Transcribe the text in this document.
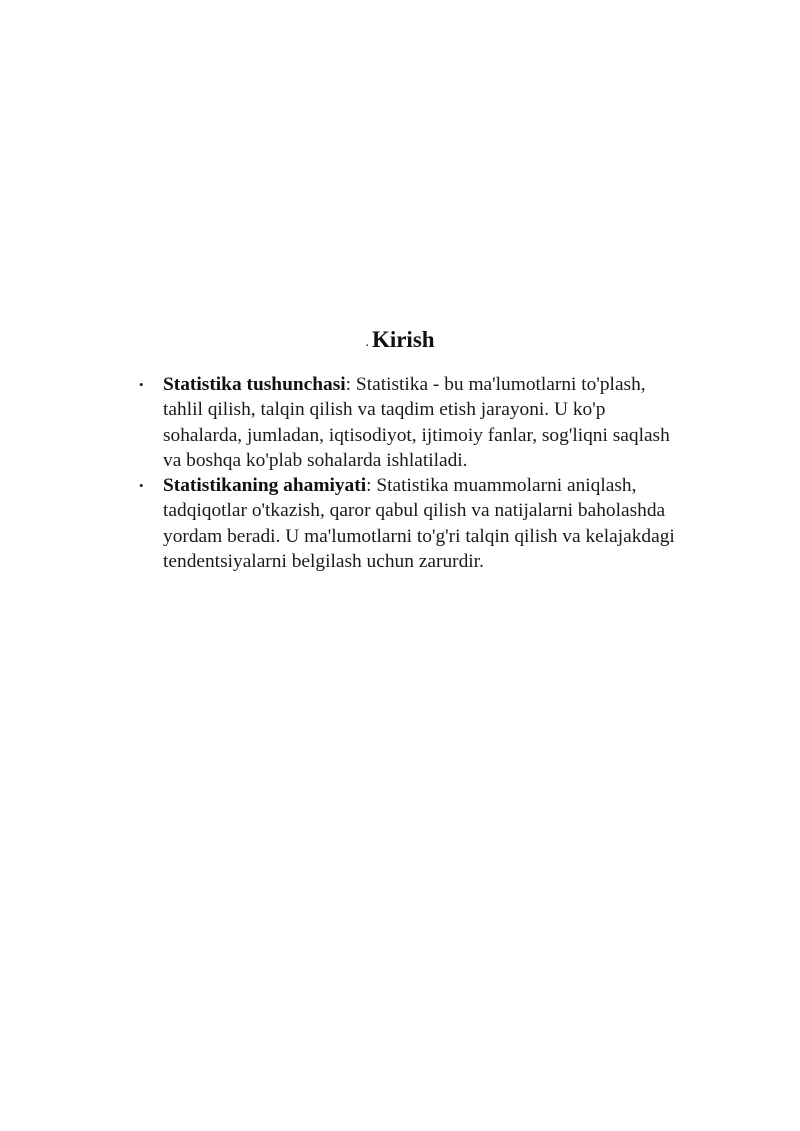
. Kirish
• Statistika tushunchasi: Statistika - bu ma'lumotlarni to'plash,
tahlil qilish, talqin qilish va taqdim etish jarayoni. U ko'p
sohalarda, jumladan, iqtisodiyot, ijtimoiy fanlar, sog'liqni saqlash
va boshqa ko'plab sohalarda ishlatiladi.
• Statistikaning ahamiyati: Statistika muammolarni aniqlash,
tadqiqotlar o'tkazish, qaror qabul qilish va natijalarni baholashda
yordam beradi. U ma'lumotlarni to'g'ri talqin qilish va kelajakdagi
tendentsiyalarni belgilash uchun zarurdir.
